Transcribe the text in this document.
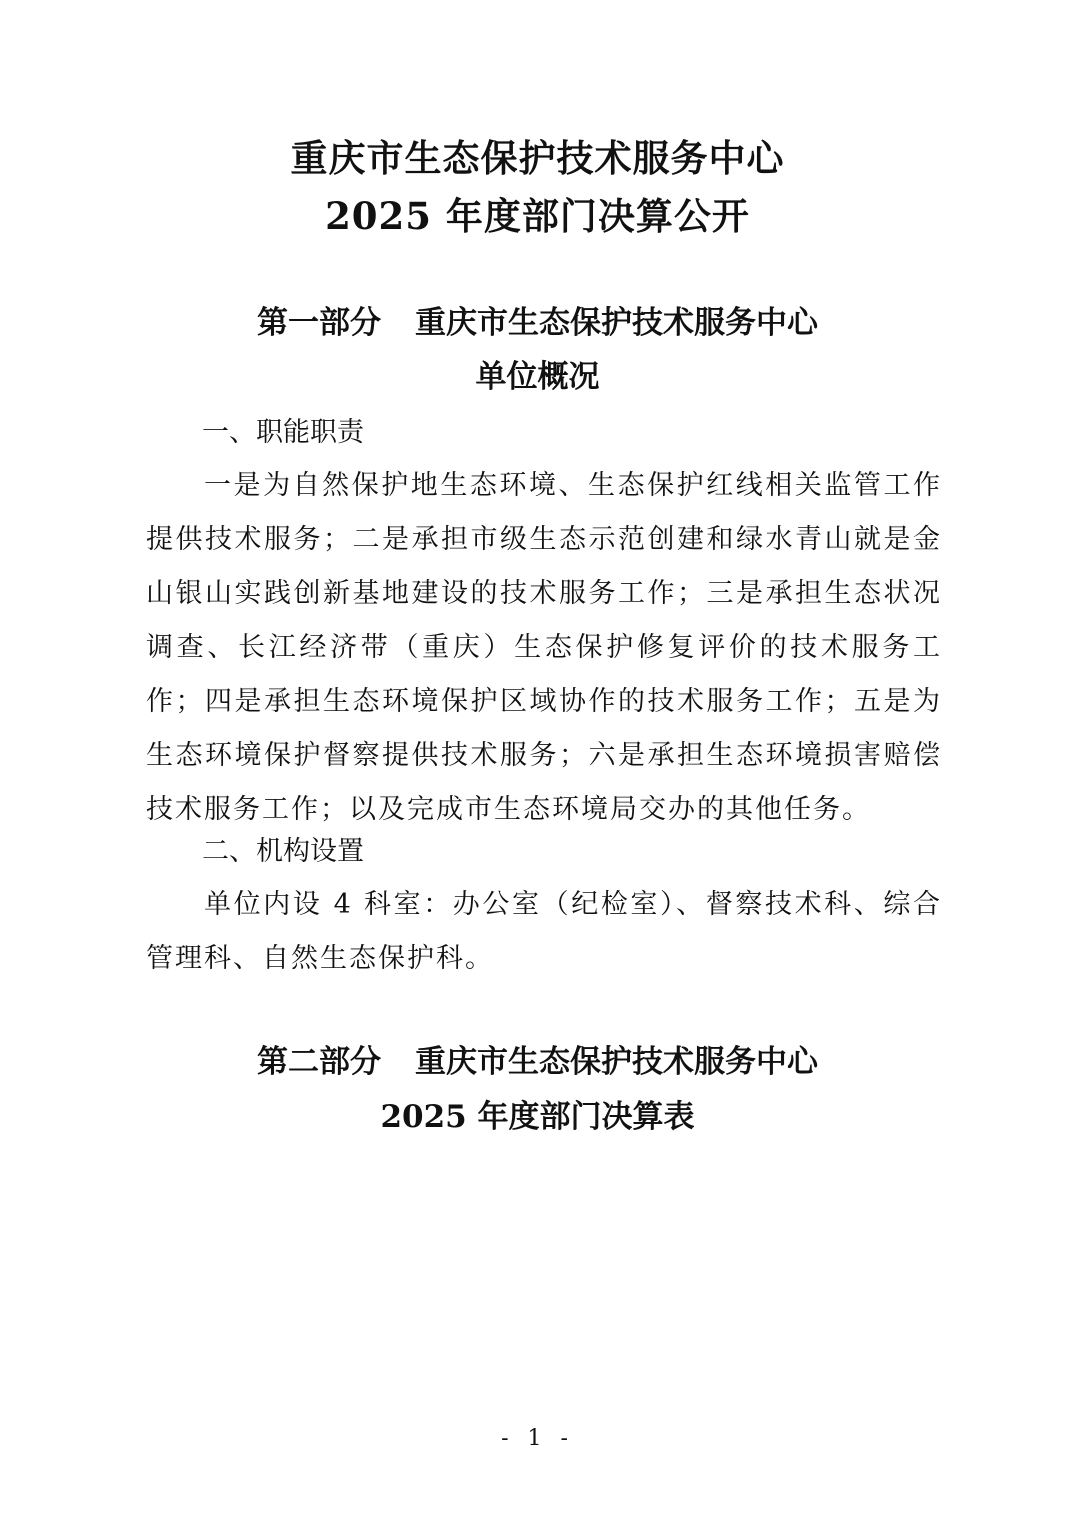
重庆市生态保护技术服务中心
2025 年度部门决算公开
第一部分 重庆市生态保护技术服务中心
单位概况
一、职能职责
一是为自然保护地生态环境、生态保护红线相关监管工作提供技术服务；二是承担市级生态示范创建和绿水青山就是金山银山实践创新基地建设的技术服务工作；三是承担生态状况调查、长江经济带（重庆）生态保护修复评价的技术服务工作；四是承担生态环境保护区域协作的技术服务工作；五是为生态环境保护督察提供技术服务；六是承担生态环境损害赔偿技术服务工作；以及完成市生态环境局交办的其他任务。
二、机构设置
单位内设 4 科室：办公室（纪检室）、督察技术科、综合管理科、自然生态保护科。
第二部分 重庆市生态保护技术服务中心
2025 年度部门决算表
- 1 -
